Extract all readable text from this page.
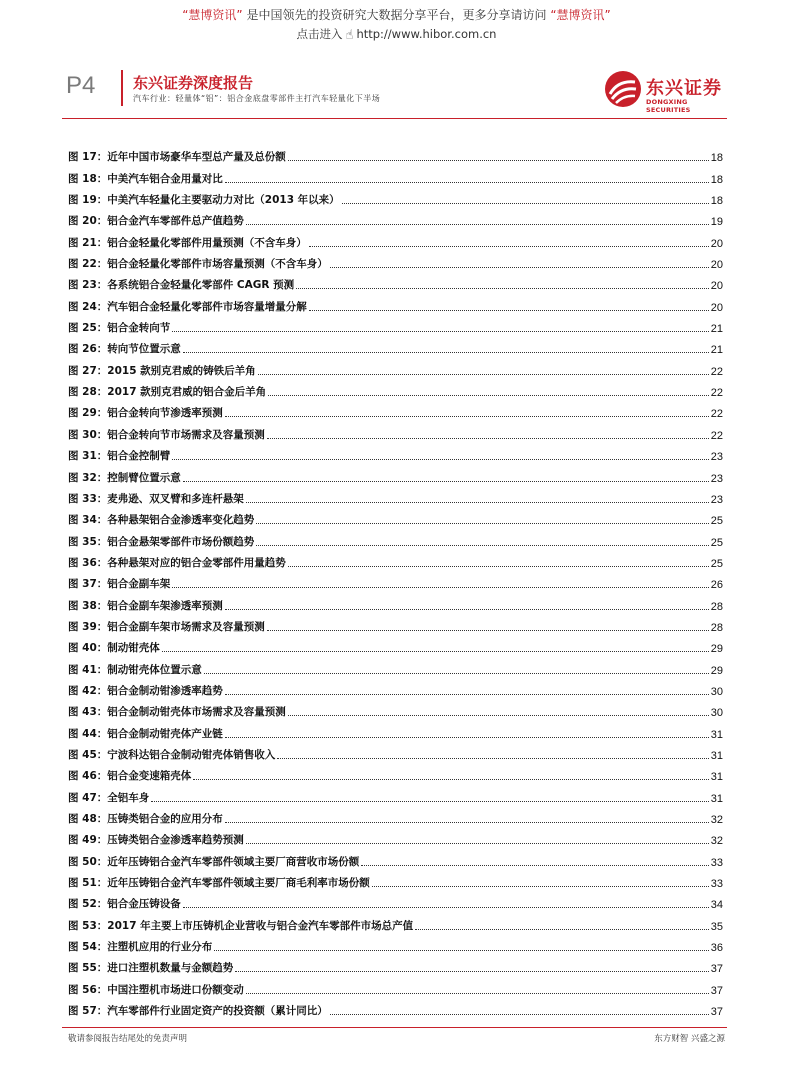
“慧博资讯” 是中国领先的投资研究大数据分享平台，更多分享请访问 “慧博资讯”
点击进入 ☝ http://www.hibor.com.cn
P4	东兴证券深度报告
汽车行业：轻量体“铝”：铝合金底盘零部件主打汽车轻量化下半场	东兴证券
DONGXING SECURITIES
图 17： 近年中国市场豪华车型总产量及总份额	18
图 18： 中美汽车铝合金用量对比	18
图 19： 中美汽车轻量化主要驱动力对比（2013 年以来）	18
图 20： 铝合金汽车零部件总产值趋势	19
图 21： 铝合金轻量化零部件用量预测（不含车身）	20
图 22： 铝合金轻量化零部件市场容量预测（不含车身）	20
图 23： 各系统铝合金轻量化零部件 CAGR 预测	20
图 24： 汽车铝合金轻量化零部件市场容量增量分解	20
图 25： 铝合金转向节	21
图 26： 转向节位置示意	21
图 27： 2015 款别克君威的铸铁后羊角	22
图 28： 2017 款别克君威的铝合金后羊角	22
图 29： 铝合金转向节渗透率预测	22
图 30： 铝合金转向节市场需求及容量预测	22
图 31： 铝合金控制臂	23
图 32： 控制臂位置示意	23
图 33： 麦弗逊、双叉臂和多连杆悬架	23
图 34： 各种悬架铝合金渗透率变化趋势	25
图 35： 铝合金悬架零部件市场份额趋势	25
图 36： 各种悬架对应的铝合金零部件用量趋势	25
图 37： 铝合金副车架	26
图 38： 铝合金副车架渗透率预测	28
图 39： 铝合金副车架市场需求及容量预测	28
图 40： 制动钳壳体	29
图 41： 制动钳壳体位置示意	29
图 42： 铝合金制动钳渗透率趋势	30
图 43： 铝合金制动钳壳体市场需求及容量预测	30
图 44： 铝合金制动钳壳体产业链	31
图 45： 宁波科达铝合金制动钳壳体销售收入	31
图 46： 铝合金变速箱壳体	31
图 47： 全铝车身	31
图 48： 压铸类铝合金的应用分布	32
图 49： 压铸类铝合金渗透率趋势预测	32
图 50： 近年压铸铝合金汽车零部件领域主要厂商营收市场份额	33
图 51： 近年压铸铝合金汽车零部件领域主要厂商毛利率市场份额	33
图 52： 铝合金压铸设备	34
图 53： 2017 年主要上市压铸机企业营收与铝合金汽车零部件市场总产值	35
图 54： 注塑机应用的行业分布	36
图 55： 进口注塑机数量与金额趋势	37
图 56： 中国注塑机市场进口份额变动	37
图 57： 汽车零部件行业固定资产的投资额（累计同比）	37
敬请参阅报告结尾处的免责声明	东方财智 兴盛之源
